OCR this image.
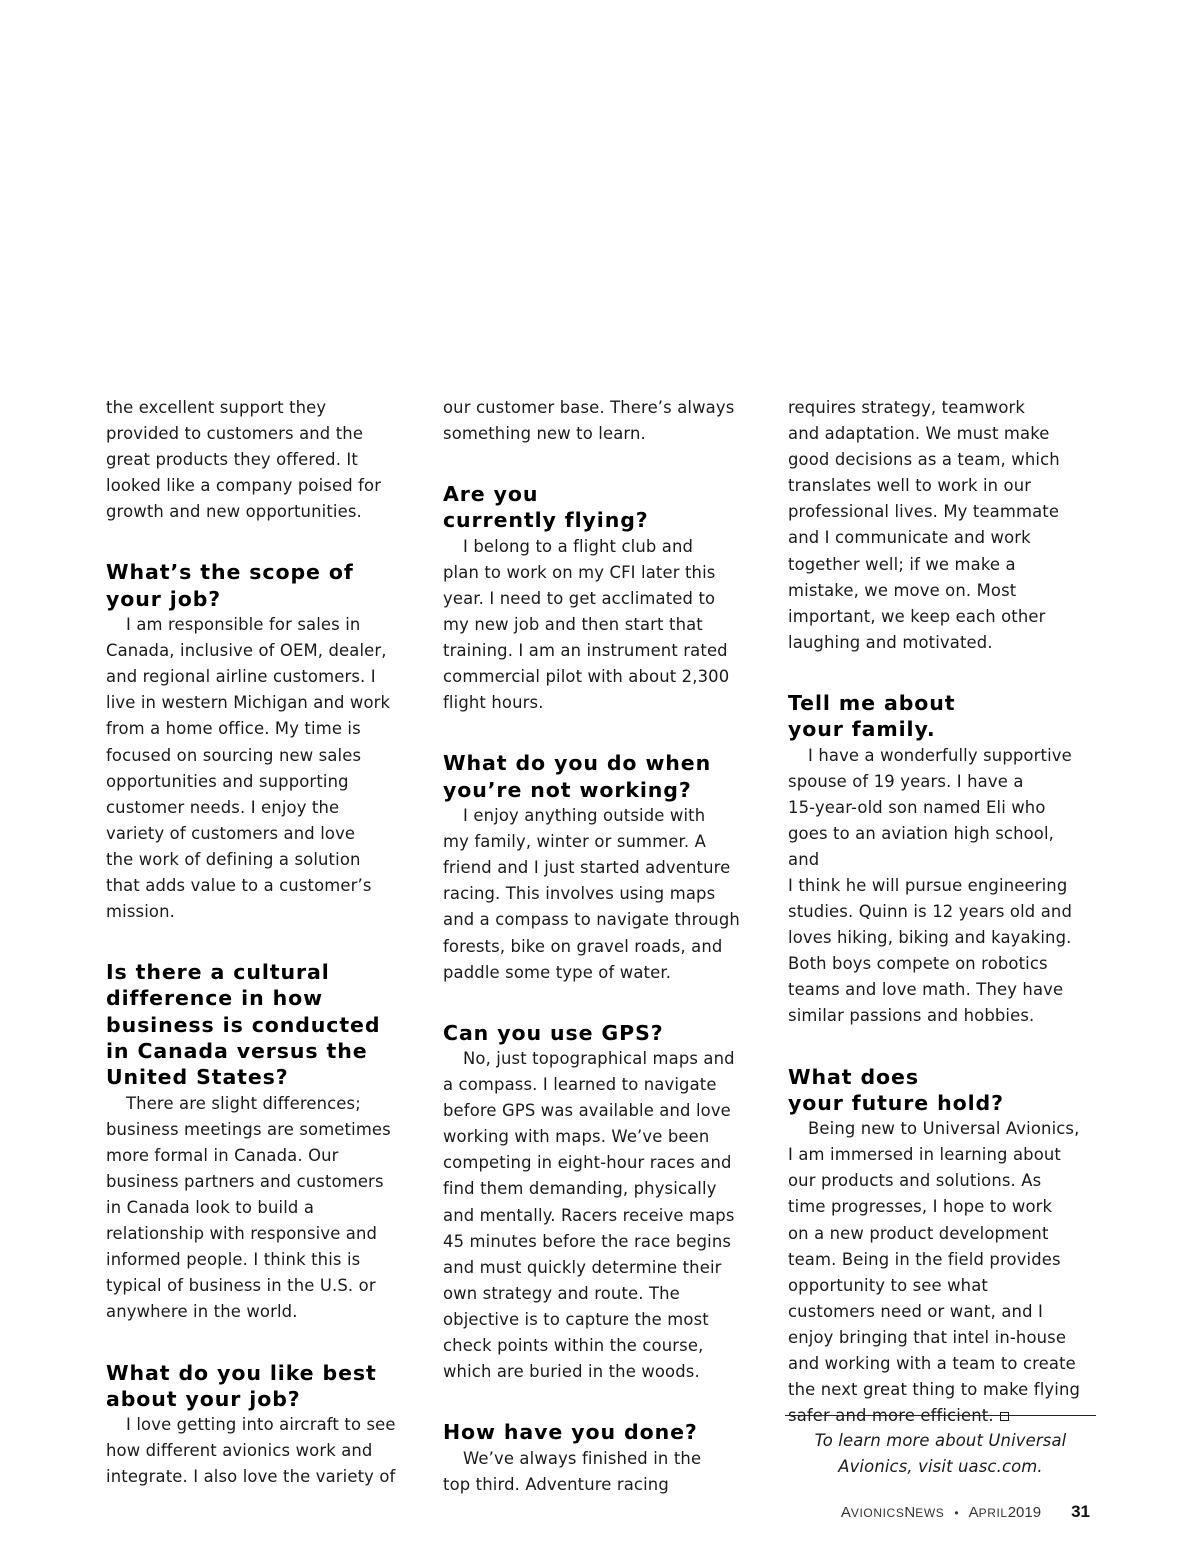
the excellent support they
provided to customers and the
great products they offered. It
looked like a company poised for
growth and new opportunities.

What’s the scope of
your job?

I am responsible for sales in
Canada, inclusive of OEM, dealer,
and regional airline customers. I
live in western Michigan and work
from a home office. My time is
focused on sourcing new sales
opportunities and supporting
customer needs. I enjoy the
variety of customers and love
the work of defining a solution
that adds value to a customer’s
mission.

Is there a cultural
difference in how
business is conducted
in Canada versus the
United States?

There are slight differences;
business meetings are sometimes
more formal in Canada. Our
business partners and customers
in Canada look to build a
relationship with responsive and
informed people. I think this is
typical of business in the U.S. or
anywhere in the world.

What do you like best
about your job?

I love getting into aircraft to see
how different avionics work and
integrate. I also love the variety of

our customer base. There’s always
something new to learn.

Are you
currently flying?

I belong to a flight club and
plan to work on my CFI later this
year. I need to get acclimated to
my new job and then start that
training. I am an instrument rated
commercial pilot with about 2,300
flight hours.

What do you do when
you’re not working?

I enjoy anything outside with
my family, winter or summer. A
friend and I just started adventure
racing. This involves using maps
and a compass to navigate through
forests, bike on gravel roads, and
paddle some type of water.

Can you use GPS?

No, just topographical maps and
a compass. I learned to navigate
before GPS was available and love
working with maps. We’ve been
competing in eight-hour races and
find them demanding, physically
and mentally. Racers receive maps
45 minutes before the race begins
and must quickly determine their
own strategy and route. The
objective is to capture the most
check points within the course,
which are buried in the woods.

How have you done?

We’ve always finished in the
top third. Adventure racing

requires strategy, teamwork
and adaptation. We must make
good decisions as a team, which
translates well to work in our
professional lives. My teammate
and I communicate and work
together well; if we make a
mistake, we move on. Most
important, we keep each other
laughing and motivated.

Tell me about
your family.

I have a wonderfully supportive
spouse of 19 years. I have a
15-year-old son named Eli who
goes to an aviation high school, and
I think he will pursue engineering
studies. Quinn is 12 years old and
loves hiking, biking and kayaking.
Both boys compete on robotics
teams and love math. They have
similar passions and hobbies.

What does
your future hold?

Being new to Universal Avionics,
I am immersed in learning about
our products and solutions. As
time progresses, I hope to work
on a new product development
team. Being in the field provides
opportunity to see what
customers need or want, and I
enjoy bringing that intel in-house
and working with a team to create
the next great thing to make flying
safer and more efficient.

To learn more about Universal
Avionics, visit uasc.com.
A VIONICS N EWS • A PRIL 2019 31
